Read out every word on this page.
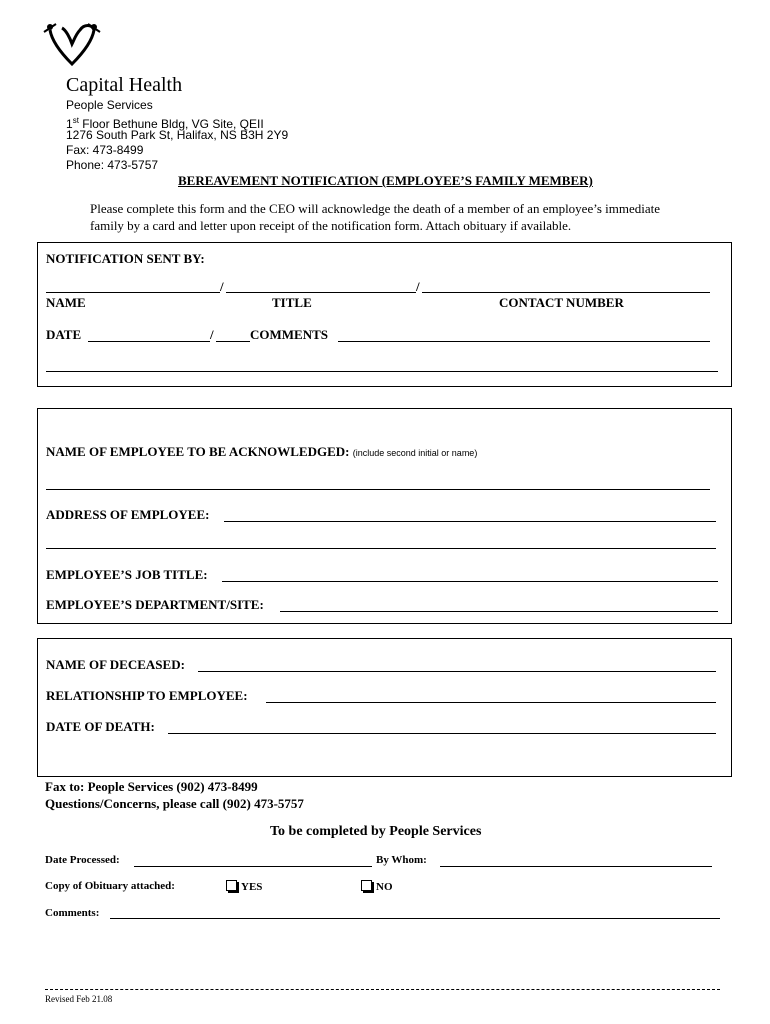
Capital Health
People Services
1st Floor Bethune Bldg, VG Site, QEII
1276 South Park St, Halifax, NS B3H 2Y9
Fax: 473-8499
Phone: 473-5757
BEREAVEMENT NOTIFICATION (EMPLOYEE’S FAMILY MEMBER)
Please complete this form and the CEO will acknowledge the death of a member of an employee’s immediate
family by a card and letter upon receipt of the notification form. Attach obituary if available.
NOTIFICATION SENT BY:
/	/
NAME	TITLE	CONTACT NUMBER
DATE	/	COMMENTS
NAME OF EMPLOYEE TO BE ACKNOWLEDGED: (include second initial or name)
ADDRESS OF EMPLOYEE:
EMPLOYEE’S JOB TITLE:
EMPLOYEE’S DEPARTMENT/SITE:
NAME OF DECEASED:
RELATIONSHIP TO EMPLOYEE:
DATE OF DEATH:
Fax to: People Services (902) 473-8499
Questions/Concerns, please call (902) 473-5757
To be completed by People Services
Date Processed:	By Whom:
Copy of Obituary attached:	YES	NO
Comments:
Revised Feb 21.08
